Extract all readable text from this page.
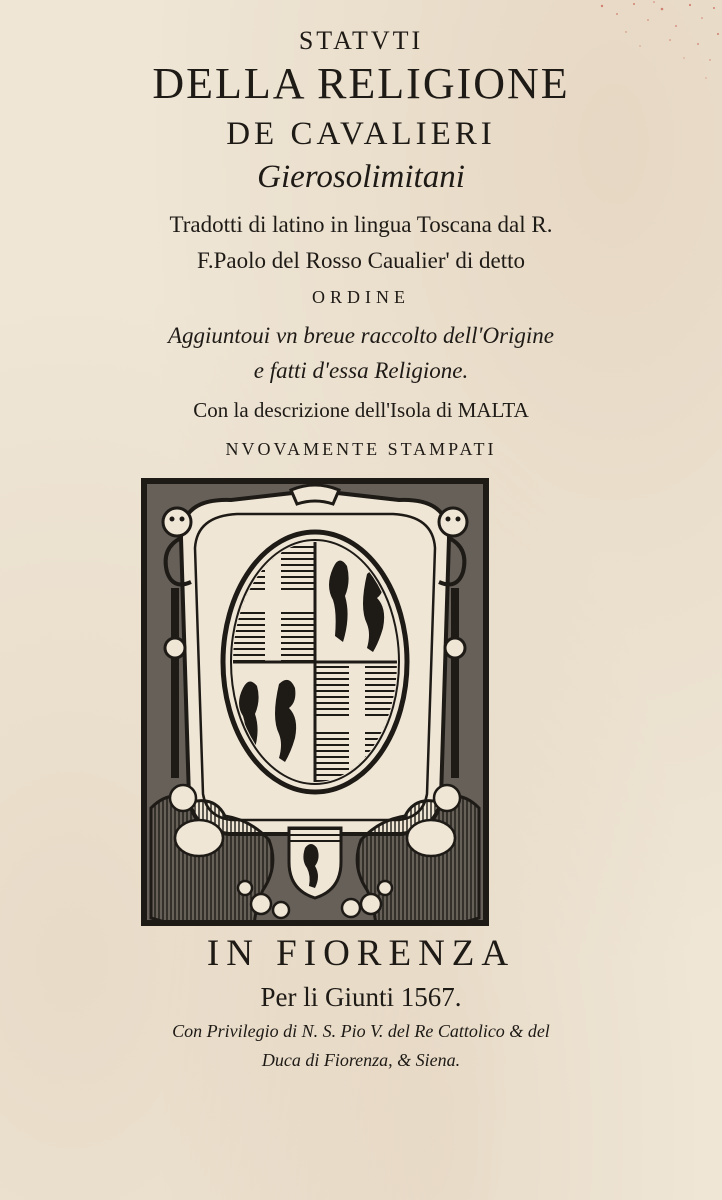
STATVTI
DELLA RELIGIONE
DE CAVALIERI
Gierosolimitani
Tradotti di latino in lingua Toscana dal R.
F.Paolo del Rosso Caualier' di detto
ORDINE
Aggiuntoui vn breue raccolto dell'Origine
e fatti d'essa Religione.
Con la descrizione dell'Isola di MALTA
NVOVAMENTE STAMPATI
IN FIORENZA
Per li Giunti 1567.
Con Privilegio di N. S. Pio V. del Re Cattolico & del
Duca di Fiorenza, & Siena.
